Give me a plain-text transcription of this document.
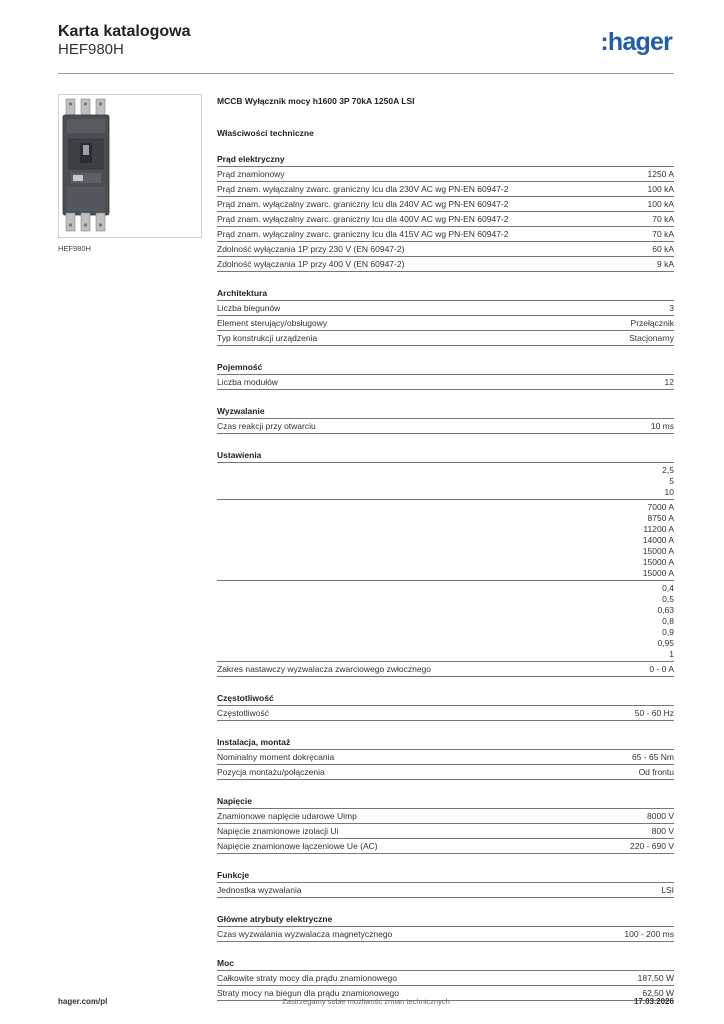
Karta katalogowa
HEF980H	:hager
HEF980H
MCCB Wyłącznik mocy h1600 3P 70kA 1250A LSI
Właściwości techniczne
Prąd elektryczny
Prąd znamionowy	1250 A
Prąd znam. wyłączalny zwarc. graniczny Icu dla 230V AC wg PN-EN 60947-2	100 kA
Prąd znam. wyłączalny zwarc. graniczny Icu dla 240V AC wg PN-EN 60947-2	100 kA
Prąd znam. wyłączalny zwarc. graniczny Icu dla 400V AC wg PN-EN 60947-2	70 kA
Prąd znam. wyłączalny zwarc. graniczny Icu dla 415V AC wg PN-EN 60947-2	70 kA
Zdolność wyłączania 1P przy 230 V (EN 60947-2)	60 kA
Zdolność wyłączania 1P przy 400 V (EN 60947-2)	9 kA
Architektura
Liczba biegunów	3
Element sterujący/obsługowy	Przełącznik
Typ konstrukcji urządzenia	Stacjonarny
Pojemność
Liczba modułów	12
Wyzwalanie
Czas reakcji przy otwarciu	10 ms
Ustawienia
2,5
5
10
7000 A
8750 A
11200 A
14000 A
15000 A
15000 A
15000 A
0,4
0,5
0,63
0,8
0,9
0,95
1
Zakres nastawczy wyzwalacza zwarciowego zwłocznego	0 - 0 A
Częstotliwość
Częstotliwość	50 - 60 Hz
Instalacja, montaż
Nominalny moment dokręcania	65 - 65 Nm
Pozycja montażu/połączenia	Od frontu
Napięcie
Znamionowe napięcie udarowe Uimp	8000 V
Napięcie znamionowe izolacji Ui	800 V
Napięcie znamionowe łączeniowe Ue (AC)	220 - 690 V
Funkcje
Jednostka wyzwalania	LSI
Główne atrybuty elektryczne
Czas wyzwalania wyzwalacza magnetycznego	100 - 200 ms
Moc
Całkowite straty mocy dla prądu znamionowego	187,50 W
Straty mocy na biegun dla prądu znamionowego	62,50 W
Zastrzegamy sobie możliwość zmian technicznych
hager.com/pl	17.03.2026
